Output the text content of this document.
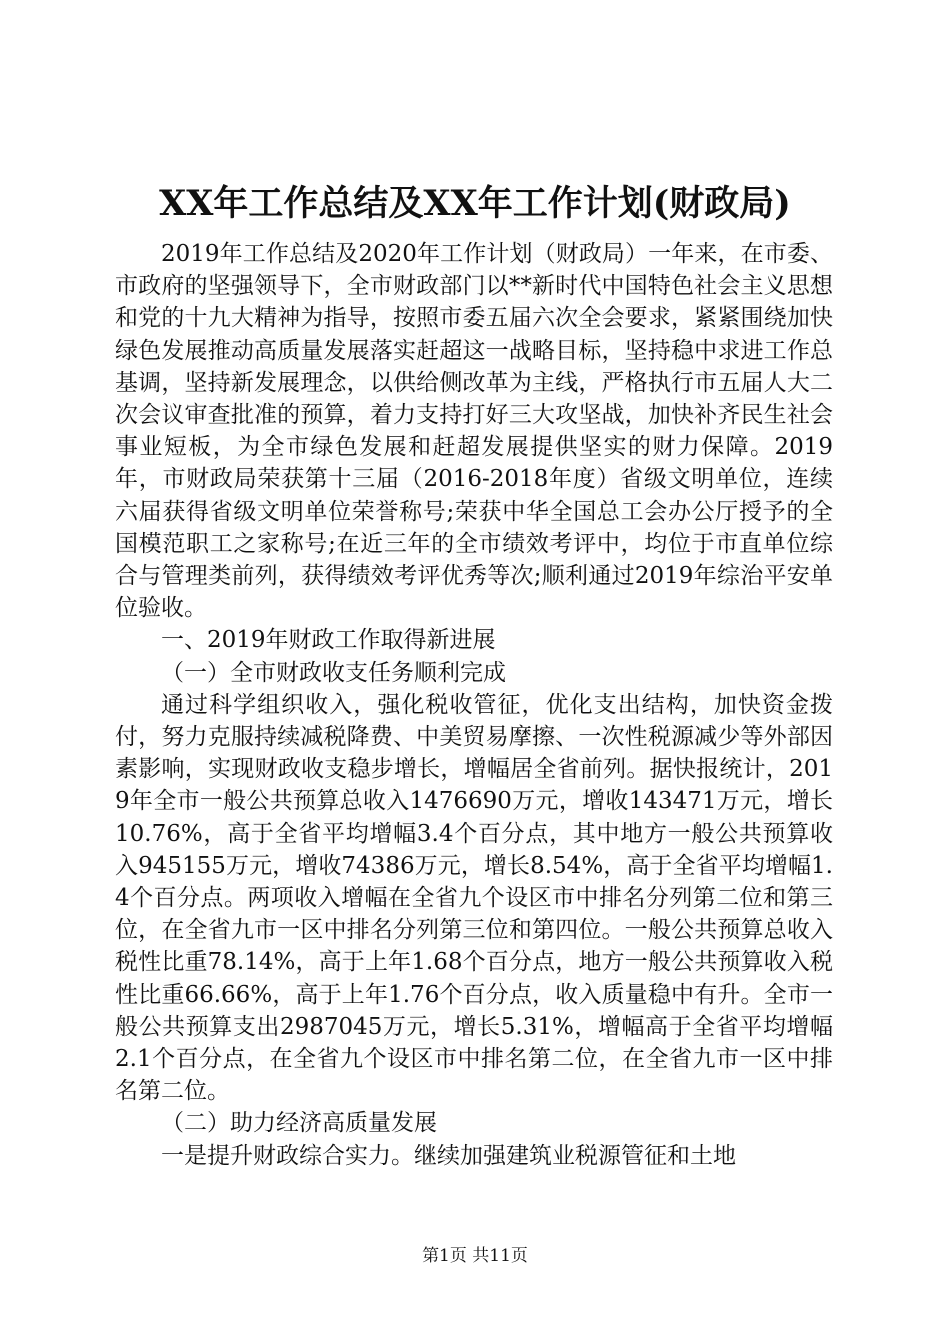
XX年工作总结及XX年工作计划(财政局)

2019年工作总结及2020年工作计划（财政局）一年来，在市委、市政府的坚强领导下，全市财政部门以**新时代中国特色社会主义思想和党的十九大精神为指导，按照市委五届六次全会要求，紧紧围绕加快绿色发展推动高质量发展落实赶超这一战略目标，坚持稳中求进工作总基调，坚持新发展理念，以供给侧改革为主线，严格执行市五届人大二次会议审查批准的预算，着力支持打好三大攻坚战，加快补齐民生社会事业短板，为全市绿色发展和赶超发展提供坚实的财力保障。2019年，市财政局荣获第十三届（2016-2018年度）省级文明单位，连续六届获得省级文明单位荣誉称号;荣获中华全国总工会办公厅授予的全国模范职工之家称号;在近三年的全市绩效考评中，均位于市直单位综合与管理类前列，获得绩效考评优秀等次;顺利通过2019年综治平安单位验收。

一、2019年财政工作取得新进展

（一）全市财政收支任务顺利完成

通过科学组织收入，强化税收管征，优化支出结构，加快资金拨付，努力克服持续减税降费、中美贸易摩擦、一次性税源减少等外部因素影响，实现财政收支稳步增长，增幅居全省前列。据快报统计，2019年全市一般公共预算总收入1476690万元，增收143471万元，增长10.76%，高于全省平均增幅3.4个百分点，其中地方一般公共预算收入945155万元，增收74386万元，增长8.54%，高于全省平均增幅1.4个百分点。两项收入增幅在全省九个设区市中排名分列第二位和第三位，在全省九市一区中排名分列第三位和第四位。一般公共预算总收入税性比重78.14%，高于上年1.68个百分点，地方一般公共预算收入税性比重66.66%，高于上年1.76个百分点，收入质量稳中有升。全市一般公共预算支出2987045万元，增长5.31%，增幅高于全省平均增幅2.1个百分点，在全省九个设区市中排名第二位，在全省九市一区中排名第二位。

（二）助力经济高质量发展

一是提升财政综合实力。继续加强建筑业税源管征和土地

第1页 共11页
